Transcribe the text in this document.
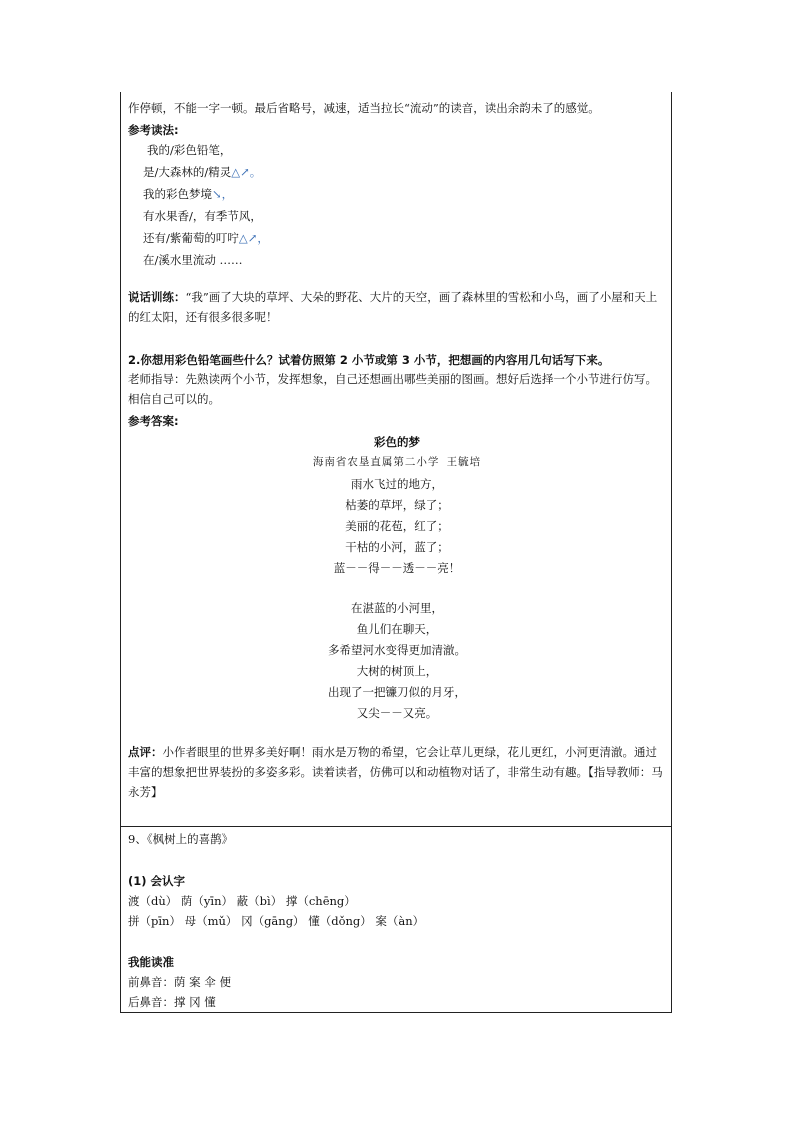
作停顿，不能一字一顿。最后省略号，减速，适当拉长“流动”的读音，读出余韵未了的感觉。
参考读法:
我的/彩色铅笔，
是/大森林的/精灵△↗。
我的彩色梦境↘，
有水果香/，有季节风，
还有/紫葡萄的叮咛△↗，
在/溪水里流动 ……
说话训练：“我”画了大块的草坪、大朵的野花、大片的天空，画了森林里的雪松和小鸟，画了小屋和天上的红太阳，还有很多很多呢！
2.你想用彩色铅笔画些什么？试着仿照第 2 小节或第 3 小节，把想画的内容用几句话写下来。
老师指导：先熟读两个小节，发挥想象，自己还想画出哪些美丽的图画。想好后选择一个小节进行仿写。相信自己可以的。
参考答案:
彩色的梦
海南省农垦直属第二小学 王毓培
雨水飞过的地方，
枯萎的草坪，绿了；
美丽的花苞，红了；
干枯的小河，蓝了；
蓝－－得－－透－－亮！
在湛蓝的小河里，
鱼儿们在聊天，
多希望河水变得更加清澈。
大树的树顶上，
出现了一把镰刀似的月牙，
又尖－－又亮。
点评：小作者眼里的世界多美好啊！雨水是万物的希望，它会让草儿更绿，花儿更红，小河更清澈。通过丰富的想象把世界装扮的多姿多彩。读着读者，仿佛可以和动植物对话了，非常生动有趣。【指导教师：马永芳】
9、《枫树上的喜鹊》
(1) 会认字
渡（dù） 荫（yīn） 蔽（bì） 撑（chēng）
拼（pīn） 母（mǔ） 冈（gāng） 懂（dǒng） 案（àn）
我能读准
前鼻音：荫 案 伞 便
后鼻音：撑 冈 懂
